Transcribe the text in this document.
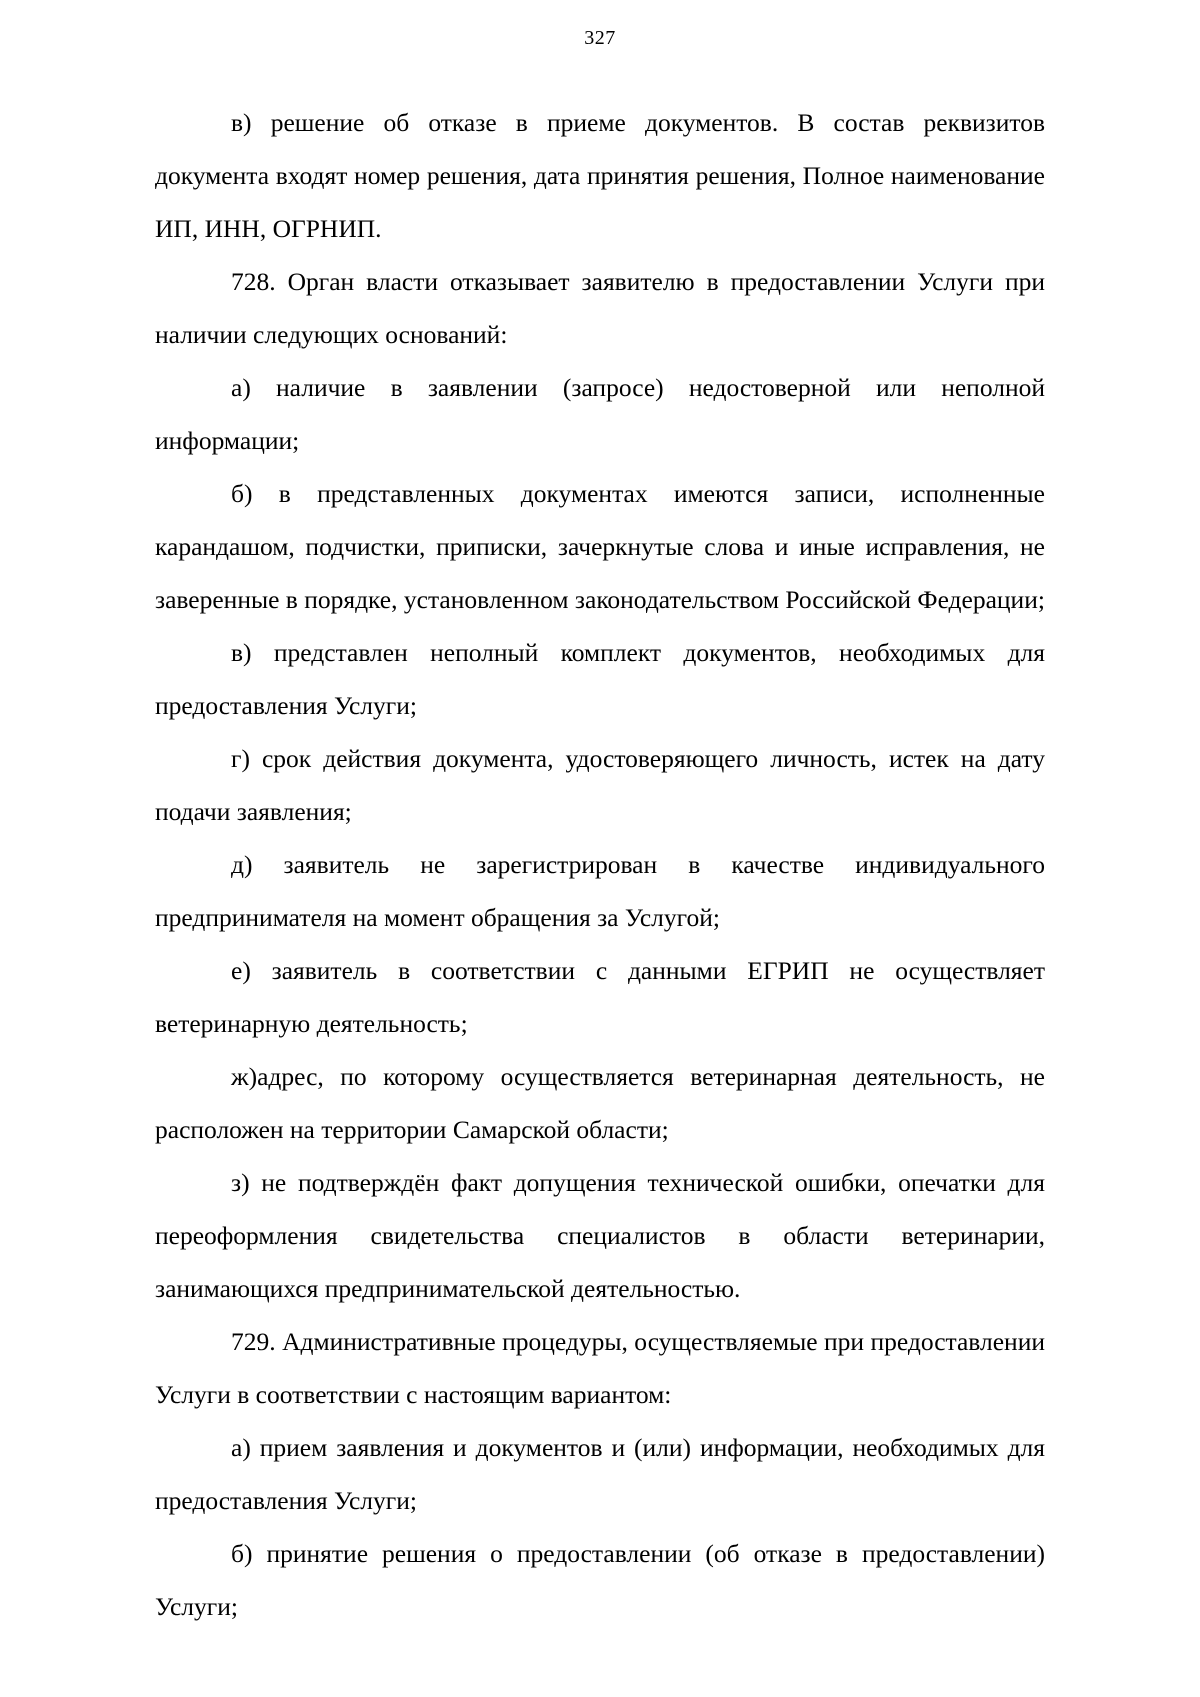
327

в) решение об отказе в приеме документов. В состав реквизитов документа входят номер решения, дата принятия решения, Полное наименование ИП, ИНН, ОГРНИП.

728. Орган власти отказывает заявителю в предоставлении Услуги при наличии следующих оснований:

а) наличие в заявлении (запросе) недостоверной или неполной информации;

б) в представленных документах имеются записи, исполненные карандашом, подчистки, приписки, зачеркнутые слова и иные исправления, не заверенные в порядке, установленном законодательством Российской Федерации;

в) представлен неполный комплект документов, необходимых для предоставления Услуги;

г) срок действия документа, удостоверяющего личность, истек на дату подачи заявления;

д) заявитель не зарегистрирован в качестве индивидуального предпринимателя на момент обращения за Услугой;

е) заявитель в соответствии с данными ЕГРИП не осуществляет ветеринарную деятельность;

ж)адрес, по которому осуществляется ветеринарная деятельность, не расположен на территории Самарской области;

з) не подтверждён факт допущения технической ошибки, опечатки для переоформления свидетельства специалистов в области ветеринарии, занимающихся предпринимательской деятельностью.

729. Административные процедуры, осуществляемые при предоставлении Услуги в соответствии с настоящим вариантом:

а) прием заявления и документов и (или) информации, необходимых для предоставления Услуги;

б) принятие решения о предоставлении (об отказе в предоставлении) Услуги;
